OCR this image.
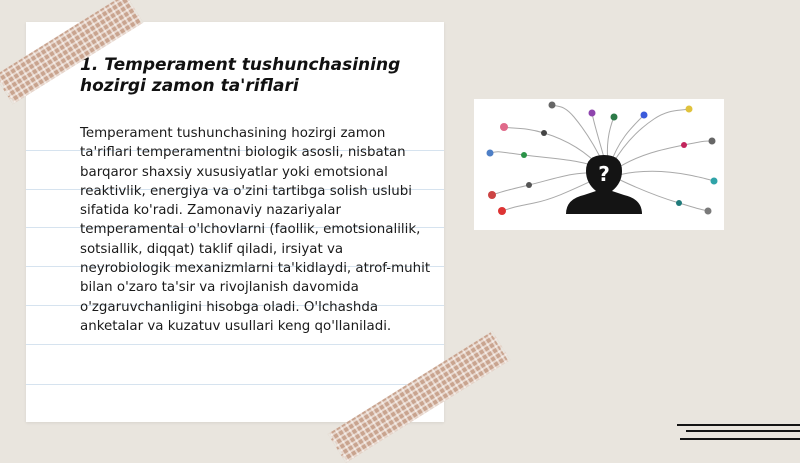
1. Temperament tushunchasining hozirgi zamon ta'riflari

Temperament tushunchasining hozirgi zamon ta'riflari temperamentni biologik asosli, nisbatan barqaror shaxsiy xususiyatlar yoki emotsional reaktivlik, energiya va o'zini tartibga solish uslubi sifatida ko'radi. Zamonaviy nazariyalar temperamental o'lchovlarni (faollik, emotsionalilik, sotsiallik, diqqat) taklif qiladi, irsiyat va neyrobiologik mexanizmlarni ta'kidlaydi, atrof-muhit bilan o'zaro ta'sir va rivojlanish davomida o'zgaruvchanligini hisobga oladi. O'lchashda anketalar va kuzatuv usullari keng qo'llaniladi.

?
